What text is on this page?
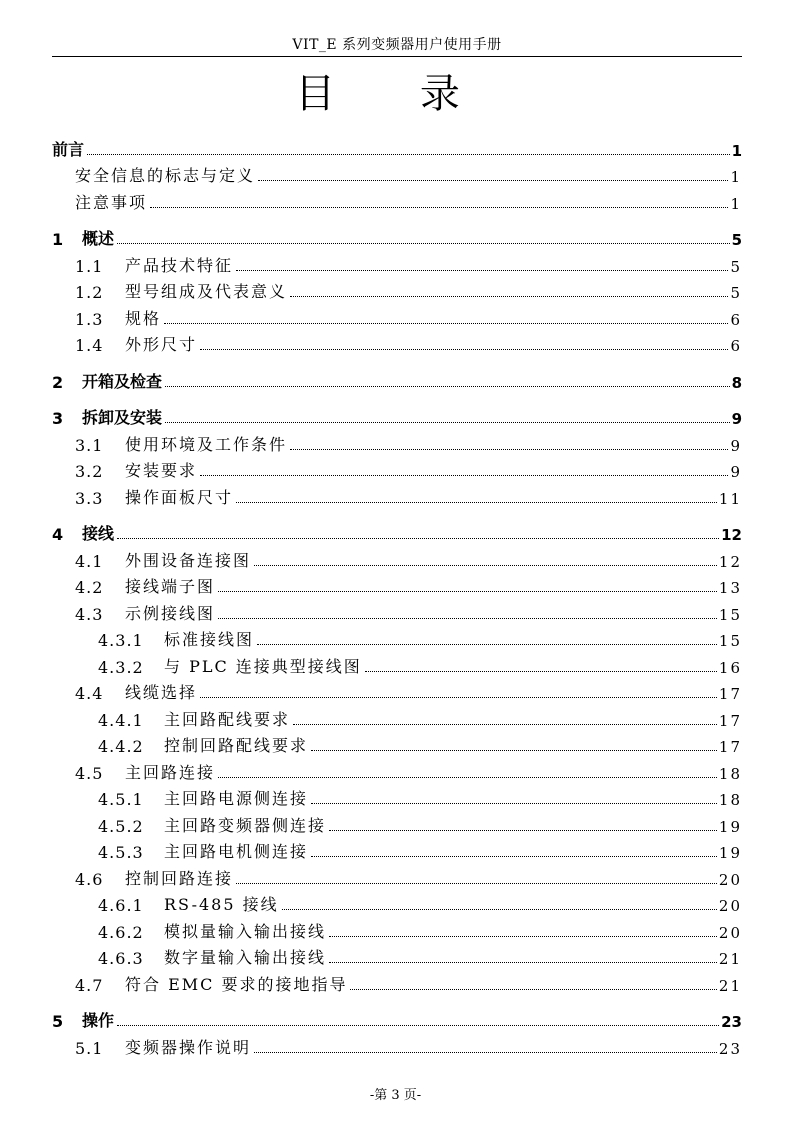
VIT_E 系列变频器用户使用手册
目 录
前言	1
安全信息的标志与定义	1
注意事项	1
1	概述	5
1.1	产品技术特征	5
1.2	型号组成及代表意义	5
1.3	规格	6
1.4	外形尺寸	6
2	开箱及检查	8
3	拆卸及安装	9
3.1	使用环境及工作条件	9
3.2	安装要求	9
3.3	操作面板尺寸	11
4	接线	12
4.1	外围设备连接图	12
4.2	接线端子图	13
4.3	示例接线图	15
4.3.1	标准接线图	15
4.3.2	与 PLC 连接典型接线图	16
4.4	线缆选择	17
4.4.1	主回路配线要求	17
4.4.2	控制回路配线要求	17
4.5	主回路连接	18
4.5.1	主回路电源侧连接	18
4.5.2	主回路变频器侧连接	19
4.5.3	主回路电机侧连接	19
4.6	控制回路连接	20
4.6.1	RS-485 接线	20
4.6.2	模拟量输入输出接线	20
4.6.3	数字量输入输出接线	21
4.7	符合 EMC 要求的接地指导	21
5	操作	23
5.1	变频器操作说明	23
-第 3 页-
